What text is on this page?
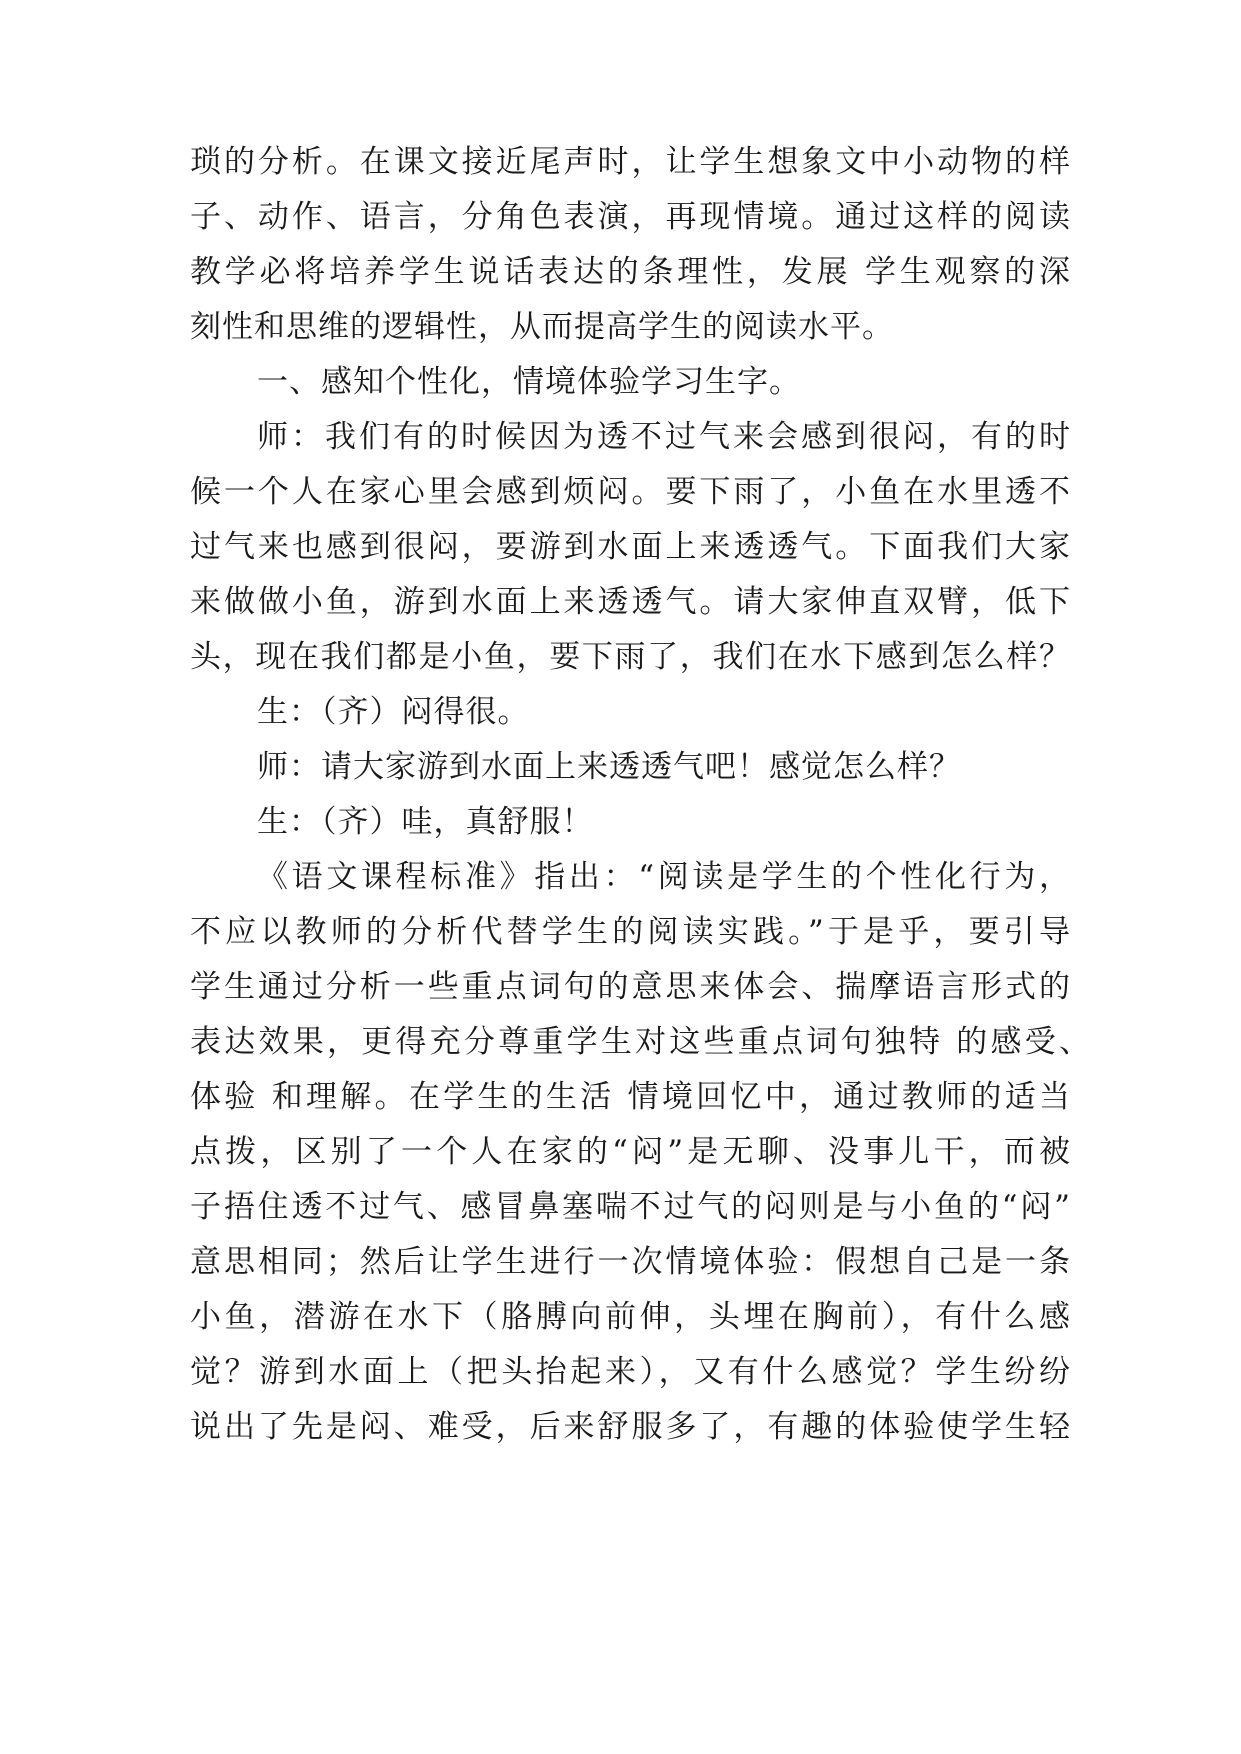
琐的分析。在课文接近尾声时，让学生想象文中小动物的样
子、动作、语言，分角色表演，再现情境。通过这样的阅读
教学必将培养学生说话表达的条理性，发展 学生观察的深
刻性和思维的逻辑性，从而提高学生的阅读水平。
一、感知个性化，情境体验学习生字。
师：我们有的时候因为透不过气来会感到很闷，有的时
候一个人在家心里会感到烦闷。要下雨了，小鱼在水里透不
过气来也感到很闷，要游到水面上来透透气。下面我们大家
来做做小鱼，游到水面上来透透气。请大家伸直双臂，低下
头，现在我们都是小鱼，要下雨了，我们在水下感到怎么样？
生：（齐）闷得很。
师：请大家游到水面上来透透气吧！感觉怎么样？
生：（齐）哇，真舒服！
《语文课程标准》指出：“阅读是学生的个性化行为，
不应以教师的分析代替学生的阅读实践。”于是乎，要引导
学生通过分析一些重点词句的意思来体会、揣摩语言形式的
表达效果，更得充分尊重学生对这些重点词句独特 的感受、
体验 和理解。在学生的生活 情境回忆中，通过教师的适当
点拨，区别了一个人在家的“闷”是无聊、没事儿干，而被
子捂住透不过气、感冒鼻塞喘不过气的闷则是与小鱼的“闷”
意思相同；然后让学生进行一次情境体验：假想自己是一条
小鱼，潜游在水下（胳膊向前伸，头埋在胸前），有什么感
觉？游到水面上（把头抬起来），又有什么感觉？学生纷纷
说出了先是闷、难受，后来舒服多了，有趣的体验使学生轻
